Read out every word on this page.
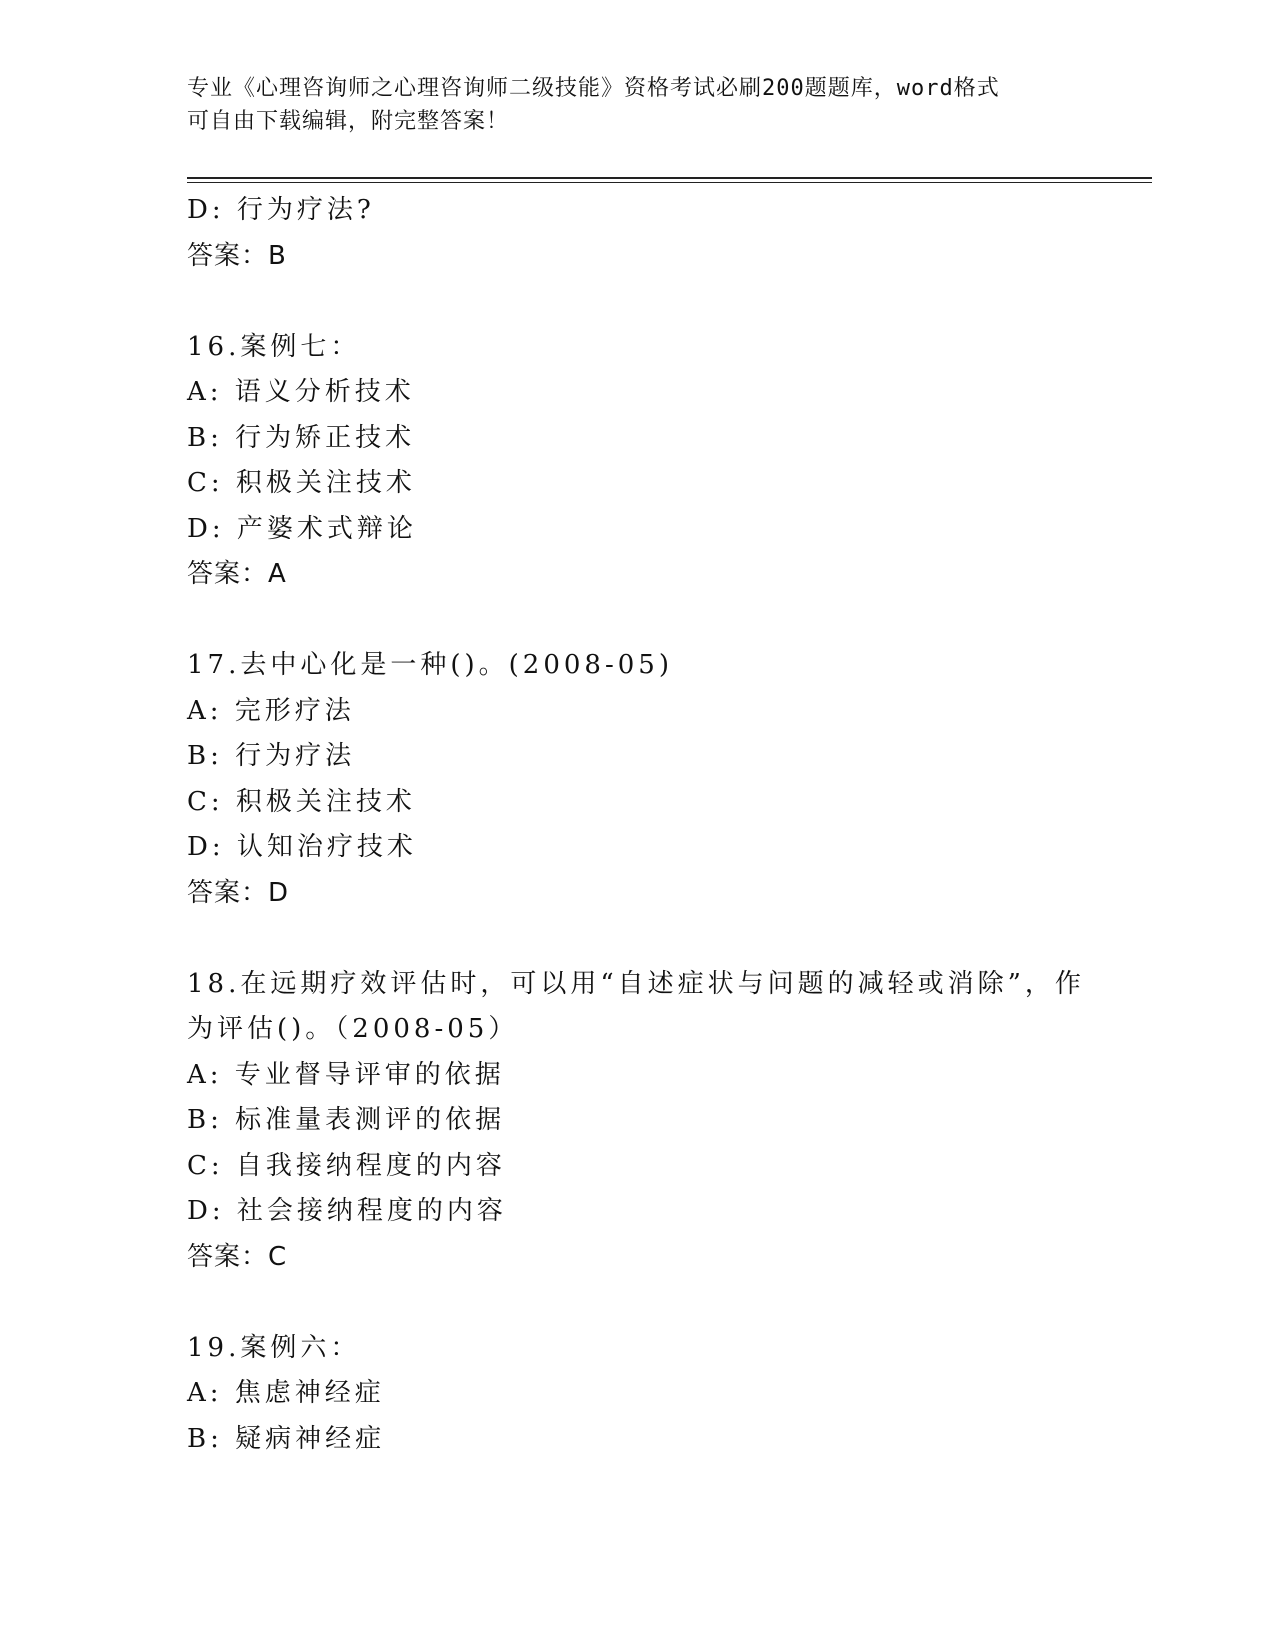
专业《心理咨询师之心理咨询师二级技能》资格考试必刷200题题库，word格式
可自由下载编辑，附完整答案！
D: 行为疗法?
答案：B
16.案例七：
A: 语义分析技术
B: 行为矫正技术
C: 积极关注技术
D: 产婆术式辩论
答案：A
17.去中心化是一种()。(2008-05)
A: 完形疗法
B: 行为疗法
C: 积极关注技术
D: 认知治疗技术
答案：D
18.在远期疗效评估时，可以用“自述症状与问题的减轻或消除”，作
为评估()。（2008-05）
A: 专业督导评审的依据
B: 标准量表测评的依据
C: 自我接纳程度的内容
D: 社会接纳程度的内容
答案：C
19.案例六：
A: 焦虑神经症
B: 疑病神经症
